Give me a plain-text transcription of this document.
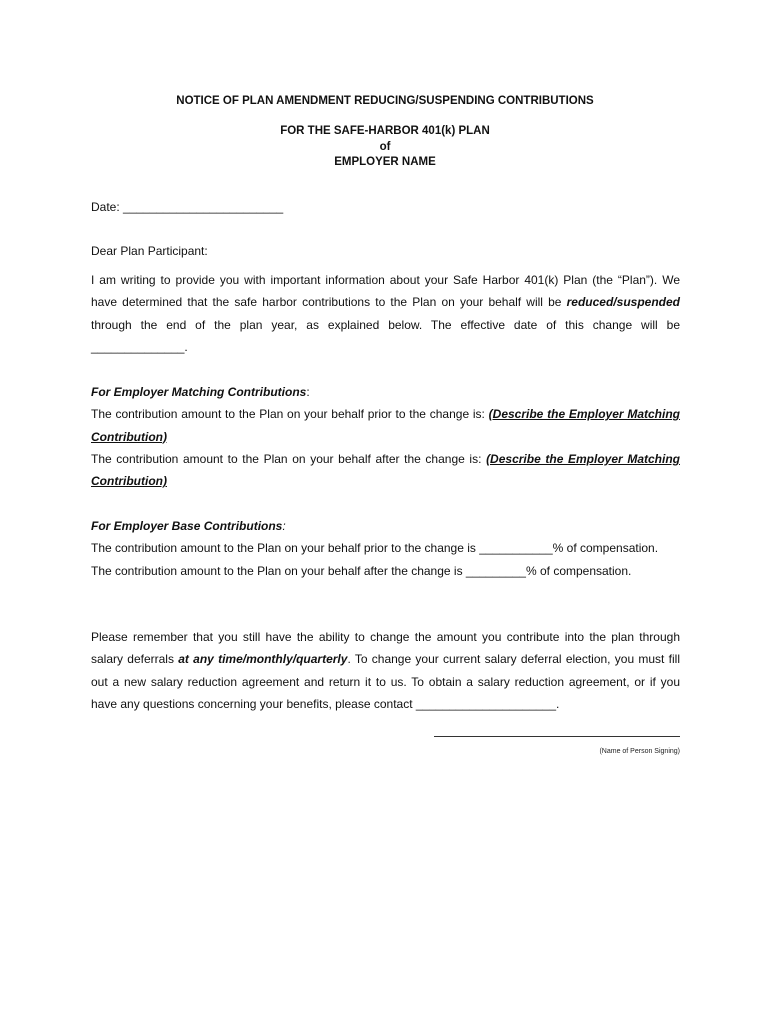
NOTICE OF PLAN AMENDMENT REDUCING/SUSPENDING CONTRIBUTIONS
FOR THE SAFE-HARBOR 401(k) PLAN
of
EMPLOYER NAME
Date: ________________________
Dear Plan Participant:
I am writing to provide you with important information about your Safe Harbor 401(k) Plan (the “Plan”). We have determined that the safe harbor contributions to the Plan on your behalf will be reduced/suspended through the end of the plan year, as explained below. The effective date of this change will be ______________.
For Employer Matching Contributions:
The contribution amount to the Plan on your behalf prior to the change is: (Describe the Employer Matching Contribution)
The contribution amount to the Plan on your behalf after the change is: (Describe the Employer Matching Contribution)
For Employer Base Contributions:
The contribution amount to the Plan on your behalf prior to the change is ___________% of compensation.
The contribution amount to the Plan on your behalf after the change is _________% of compensation.
Please remember that you still have the ability to change the amount you contribute into the plan through salary deferrals at any time/monthly/quarterly. To change your current salary deferral election, you must fill out a new salary reduction agreement and return it to us. To obtain a salary reduction agreement, or if you have any questions concerning your benefits, please contact _____________________.
(Name of Person Signing)
